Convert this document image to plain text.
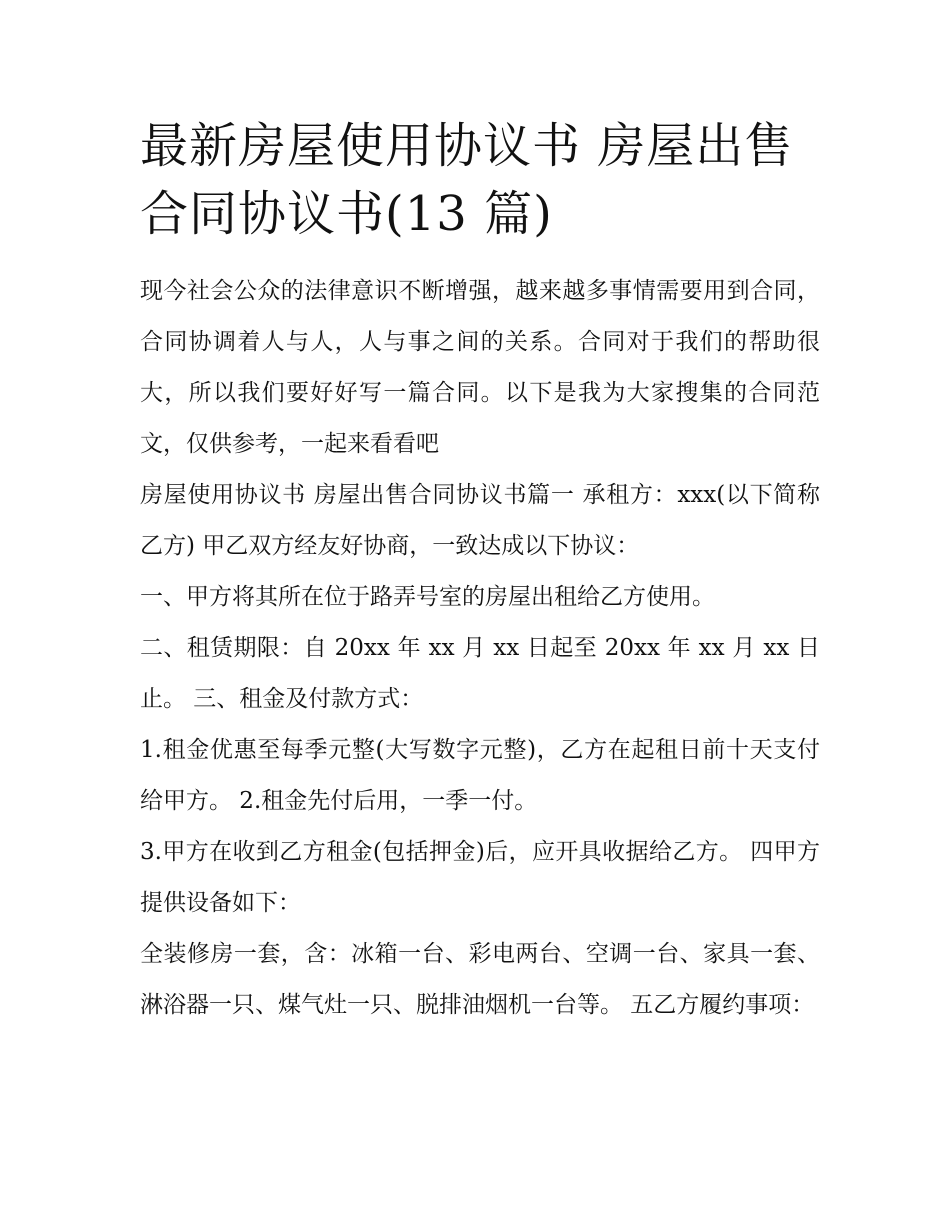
最新房屋使用协议书 房屋出售合同协议书(13 篇)

现今社会公众的法律意识不断增强，越来越多事情需要用到合同，合同协调着人与人，人与事之间的关系。合同对于我们的帮助很大，所以我们要好好写一篇合同。以下是我为大家搜集的合同范文，仅供参考，一起来看看吧

房屋使用协议书 房屋出售合同协议书篇一 承租方：xxx(以下简称乙方) 甲乙双方经友好协商，一致达成以下协议：

一、甲方将其所在位于路弄号室的房屋出租给乙方使用。

二、租赁期限：自 20xx 年 xx 月 xx 日起至 20xx 年 xx 月 xx 日止。 三、租金及付款方式：

1.租金优惠至每季元整(大写数字元整)，乙方在起租日前十天支付给甲方。 2.租金先付后用，一季一付。

3.甲方在收到乙方租金(包括押金)后，应开具收据给乙方。 四甲方提供设备如下：

全装修房一套，含：冰箱一台、彩电两台、空调一台、家具一套、淋浴器一只、煤气灶一只、脱排油烟机一台等。 五乙方履约事项：
